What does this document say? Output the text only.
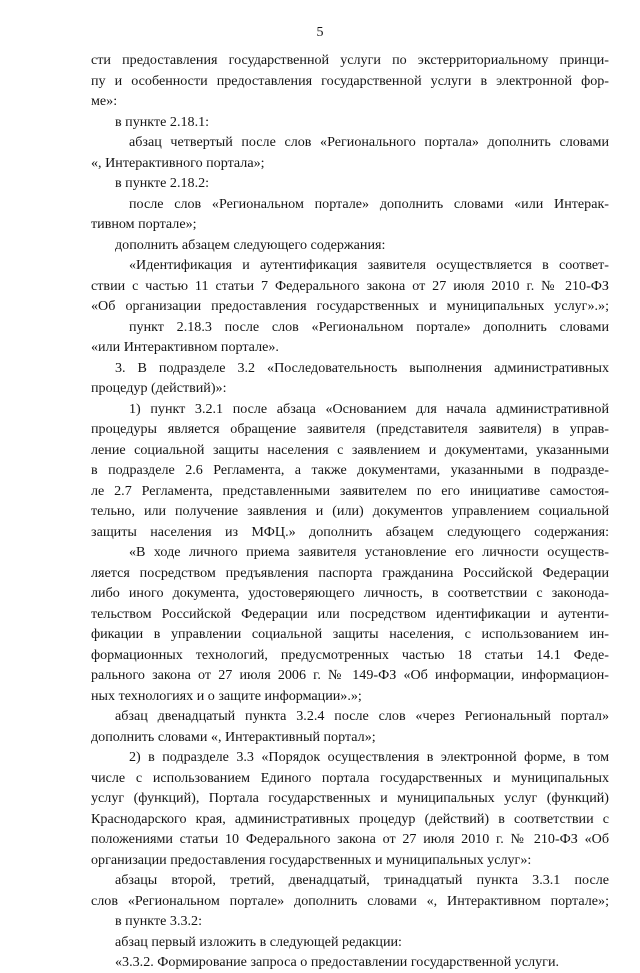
5
сти предоставления государственной услуги по экстерриториальному принци-
пу и особенности предоставления государственной услуги в электронной фор-
ме»:
в пункте 2.18.1:
абзац четвертый после слов «Регионального портала» дополнить словами
«, Интерактивного портала»;
в пункте 2.18.2:
после слов «Региональном портале» дополнить словами «или Интерак-
тивном портале»;
дополнить абзацем следующего содержания:
«Идентификация и аутентификация заявителя осуществляется в соответ-
ствии с частью 11 статьи 7 Федерального закона от 27 июля 2010 г. № 210-ФЗ
«Об организации предоставления государственных и муниципальных услуг».»;
пункт 2.18.3 после слов «Региональном портале» дополнить словами
«или Интерактивном портале».
3. В подразделе 3.2 «Последовательность выполнения административных
процедур (действий)»:
1) пункт 3.2.1 после абзаца «Основанием для начала административной
процедуры является обращение заявителя (представителя заявителя) в управ-
ление социальной защиты населения с заявлением и документами, указанными
в подразделе 2.6 Регламента, а также документами, указанными в подразде-
ле 2.7 Регламента, представленными заявителем по его инициативе самостоя-
тельно, или получение заявления и (или) документов управлением социальной
защиты населения из МФЦ.» дополнить абзацем следующего содержания:
«В ходе личного приема заявителя установление его личности осуществ-
ляется посредством предъявления паспорта гражданина Российской Федерации
либо иного документа, удостоверяющего личность, в соответствии с законода-
тельством Российской Федерации или посредством идентификации и аутенти-
фикации в управлении социальной защиты населения, с использованием ин-
формационных технологий, предусмотренных частью 18 статьи 14.1 Феде-
рального закона от 27 июля 2006 г. № 149-ФЗ «Об информации, информацион-
ных технологиях и о защите информации».»;
абзац двенадцатый пункта 3.2.4 после слов «через Региональный портал»
дополнить словами «, Интерактивный портал»;
2) в подразделе 3.3 «Порядок осуществления в электронной форме, в том
числе с использованием Единого портала государственных и муниципальных
услуг (функций), Портала государственных и муниципальных услуг (функций)
Краснодарского края, административных процедур (действий) в соответствии с
положениями статьи 10 Федерального закона от 27 июля 2010 г. № 210-ФЗ «Об
организации предоставления государственных и муниципальных услуг»:
абзацы второй, третий, двенадцатый, тринадцатый пункта 3.3.1 после
слов «Региональном портале» дополнить словами «, Интерактивном портале»;
в пункте 3.3.2:
абзац первый изложить в следующей редакции:
«3.3.2. Формирование запроса о предоставлении государственной услуги.
